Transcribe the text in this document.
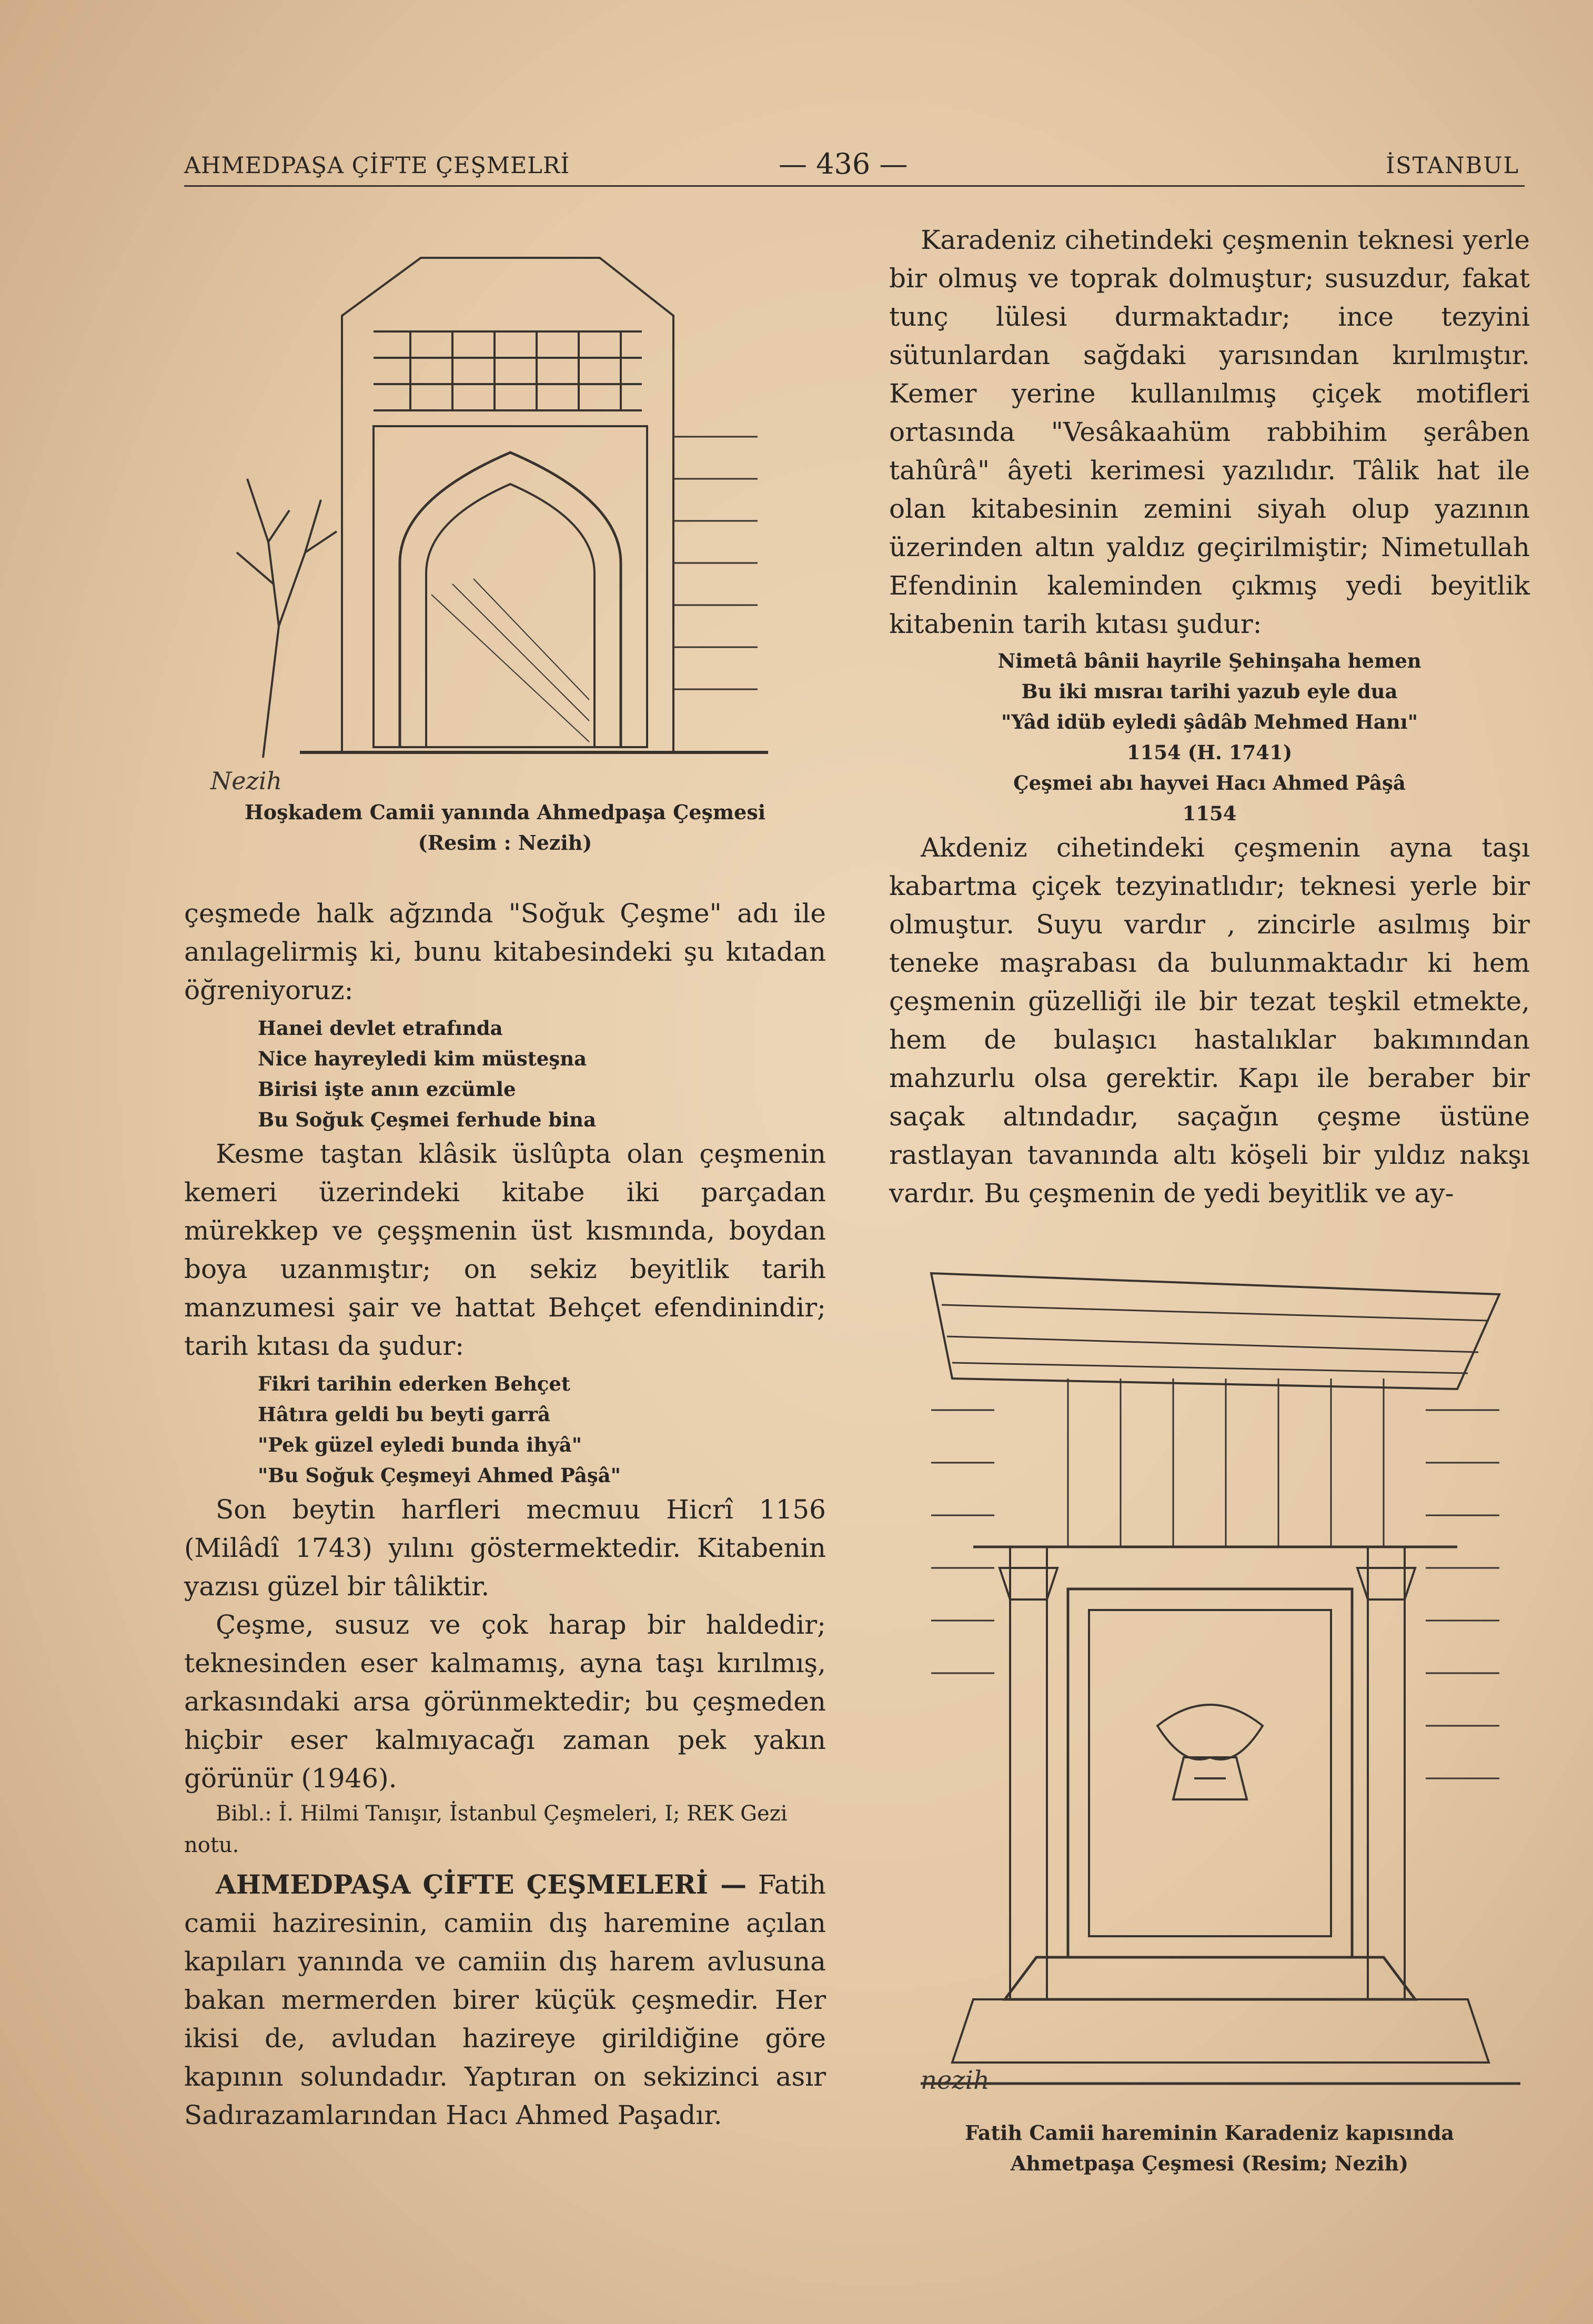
AHMEDPAŞA ÇİFTE ÇEŞMELRİ	— 436 —	İSTANBUL
Nezih
Hoşkadem Camii yanında Ahmedpaşa Çeşmesi
(Resim : Nezih)

çeşmede halk ağzında "Soğuk Çeşme" adı ile anılagelirmiş ki, bunu kitabesindeki şu kıtadan öğreniyoruz:

Hanei devlet etrafında
Nice hayreyledi kim müsteşna
Birisi işte anın ezcümle
Bu Soğuk Çeşmei ferhude bina

Kesme taştan klâsik üslûpta olan çeşmenin kemeri üzerindeki kitabe iki parçadan mürekkep ve çeşşmenin üst kısmında, boydan boya uzanmıştır; on sekiz beyitlik tarih manzumesi şair ve hattat Behçet efendinindir; tarih kıtası da şudur:

Fikri tarihin ederken Behçet
Hâtıra geldi bu beyti garrâ
"Pek güzel eyledi bunda ihyâ"
"Bu Soğuk Çeşmeyi Ahmed Pâşâ"

Son beytin harfleri mecmuu Hicrî 1156 (Milâdî 1743) yılını göstermektedir. Kitabenin yazısı güzel bir tâliktir.

Çeşme, susuz ve çok harap bir haldedir; teknesinden eser kalmamış, ayna taşı kırılmış, arkasındaki arsa görünmektedir; bu çeşmeden hiçbir eser kalmıyacağı zaman pek yakın görünür (1946).

Bibl.: İ. Hilmi Tanışır, İstanbul Çeşmeleri, I; REK Gezi notu.

AHMEDPAŞA ÇİFTE ÇEŞMELERİ — Fatih camii haziresinin, camiin dış haremine açılan kapıları yanında ve camiin dış harem avlusuna bakan mermerden birer küçük çeşmedir. Her ikisi de, avludan hazireye girildiğine göre kapının solundadır. Yaptıran on sekizinci asır Sadırazamlarından Hacı Ahmed Paşadır.

Karadeniz cihetindeki çeşmenin teknesi yerle bir olmuş ve toprak dolmuştur; susuzdur, fakat tunç lülesi durmaktadır; ince tezyini sütunlardan sağdaki yarısından kırılmıştır. Kemer yerine kullanılmış çiçek motifleri ortasında "Vesâkaahüm rabbihim şerâben tahûrâ" âyeti kerimesi yazılıdır. Tâlik hat ile olan kitabesinin zemini siyah olup yazının üzerinden altın yaldız geçirilmiştir; Nimetullah Efendinin kaleminden çıkmış yedi beyitlik kitabenin tarih kıtası şudur:

Nimetâ bânii hayrile Şehinşaha hemen
Bu iki mısraı tarihi yazub eyle dua
"Yâd idüb eyledi şâdâb Mehmed Hanı"
1154 (H. 1741)
Çeşmei abı hayvei Hacı Ahmed Pâşâ
1154

Akdeniz cihetindeki çeşmenin ayna taşı kabartma çiçek tezyinatlıdır; teknesi yerle bir olmuştur. Suyu vardır , zincirle asılmış bir teneke maşrabası da bulunmaktadır ki hem çeşmenin güzelliği ile bir tezat teşkil etmekte, hem de bulaşıcı hastalıklar bakımından mahzurlu olsa gerektir. Kapı ile beraber bir saçak altındadır, saçağın çeşme üstüne rastlayan tavanında altı köşeli bir yıldız nakşı vardır. Bu çeşmenin de yedi beyitlik ve ay-

nezih
Fatih Camii hareminin Karadeniz kapısında
Ahmetpaşa Çeşmesi (Resim; Nezih)
